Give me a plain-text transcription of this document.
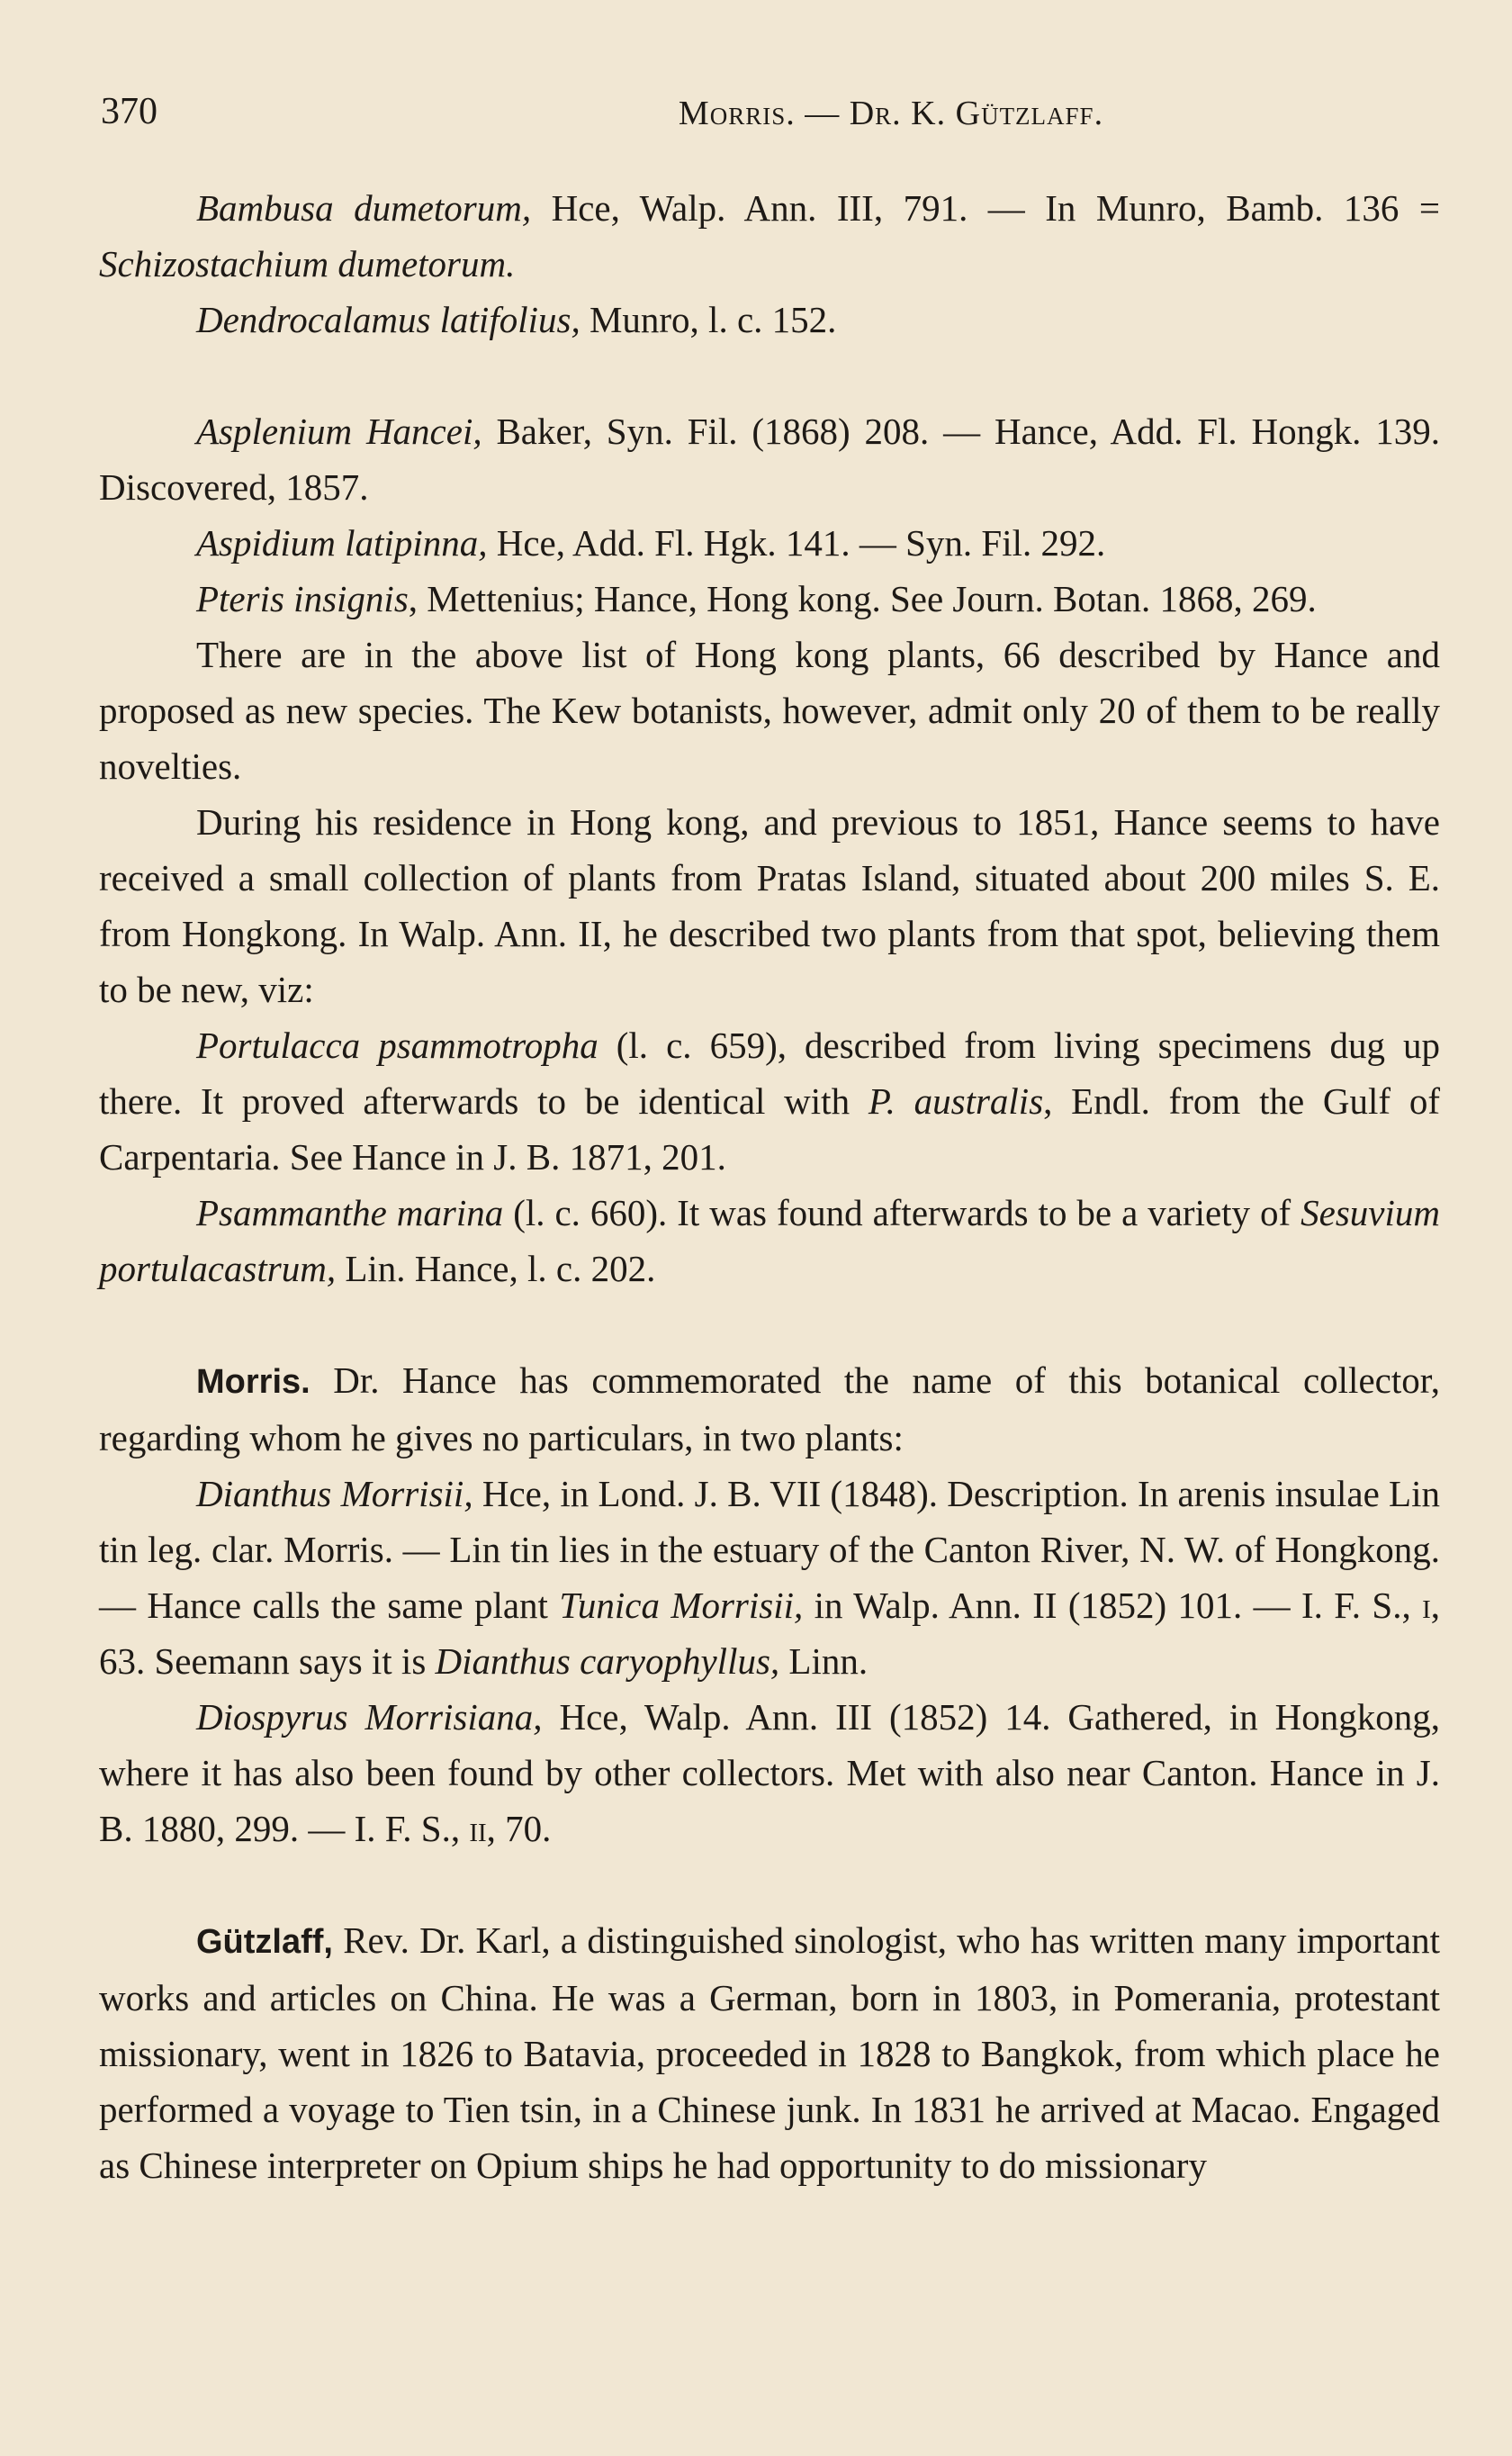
370	Morris. — Dr. K. Gützlaff.

Bambusa dumetorum, Hce, Walp. Ann. III, 791. — In Munro, Bamb. 136 = Schizostachium dumetorum.

Dendrocalamus latifolius, Munro, l. c. 152.

Asplenium Hancei, Baker, Syn. Fil. (1868) 208. — Hance, Add. Fl. Hongk. 139. Discovered, 1857.

Aspidium latipinna, Hce, Add. Fl. Hgk. 141. — Syn. Fil. 292.

Pteris insignis, Mettenius; Hance, Hong kong. See Journ. Botan. 1868, 269.

There are in the above list of Hong kong plants, 66 described by Hance and proposed as new species. The Kew botanists, however, admit only 20 of them to be really novelties.

During his residence in Hong kong, and previous to 1851, Hance seems to have received a small collection of plants from Pratas Island, situated about 200 miles S. E. from Hongkong. In Walp. Ann. II, he described two plants from that spot, believing them to be new, viz:

Portulacca psammotropha (l. c. 659), described from living specimens dug up there. It proved afterwards to be identical with P. australis, Endl. from the Gulf of Carpentaria. See Hance in J. B. 1871, 201.

Psammanthe marina (l. c. 660). It was found afterwards to be a variety of Sesuvium portulacastrum, Lin. Hance, l. c. 202.

Morris. Dr. Hance has commemorated the name of this botanical collector, regarding whom he gives no particulars, in two plants:

Dianthus Morrisii, Hce, in Lond. J. B. VII (1848). Description. In arenis insulae Lin tin leg. clar. Morris. — Lin tin lies in the estuary of the Canton River, N. W. of Hongkong. — Hance calls the same plant Tunica Morrisii, in Walp. Ann. II (1852) 101. — I. F. S., i, 63. Seemann says it is Dianthus caryophyllus, Linn.

Diospyrus Morrisiana, Hce, Walp. Ann. III (1852) 14. Gathered, in Hongkong, where it has also been found by other collectors. Met with also near Canton. Hance in J. B. 1880, 299. — I. F. S., ii, 70.

Gützlaff, Rev. Dr. Karl, a distinguished sinologist, who has written many important works and articles on China. He was a German, born in 1803, in Pomerania, protestant missionary, went in 1826 to Batavia, proceeded in 1828 to Bangkok, from which place he performed a voyage to Tien tsin, in a Chinese junk. In 1831 he arrived at Macao. Engaged as Chinese interpreter on Opium ships he had opportunity to do missionary
